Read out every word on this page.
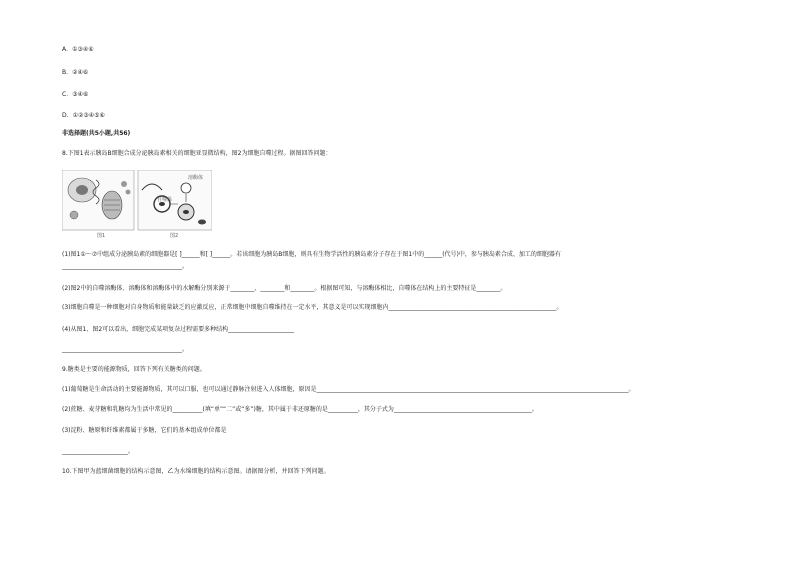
A．①③④⑥
B．②④⑥
C．③④⑥
D．①②③④⑤⑥
非选择题(共5小题,共56)
8.下图1表示胰岛B细胞合成分泌胰岛素相关的细胞亚显微结构，图2为细胞自噬过程。据图回答问题：
图1	图2
溶酶体
自噬体
(1)图1①～⑦中组成分泌胰岛素的细胞器是[ ]______和[ ]______。若该细胞为胰岛B细胞，则具有生物学活性的胰岛素分子存在于图1中的______(代号)中，参与胰岛素合成、加工的细胞器有
________________________________________。
(2)图2中的自噬溶酶体、溶酶体和溶酶体中的水解酶分别来源于________、________和________。根据图可知，与溶酶体相比，自噬体在结构上的主要特征是________。
(3)细胞自噬是一种细胞对自身物质和能量缺乏的应激反应，正常细胞中细胞自噬维持在一定水平，其意义是可以实现细胞内________________________________________________________。
(4)从图1、图2可以看出，细胞完成某项复杂过程需要多种结构______________________
________________________________________。
9.糖类是主要的能源物质，回答下列有关糖类的问题。
(1)葡萄糖是生命活动的主要能源物质，其可以口服，也可以通过静脉注射进入人体细胞，原因是________________________________________________________________________________________________________。
(2)蔗糖、麦芽糖和乳糖均为生活中常见的__________(填“单”“二”或“多”)糖，其中属于非还原糖的是__________，其分子式为______________________________________________。
(3)淀粉、糖原和纤维素都属于多糖，它们的基本组成单位都是
______________________。
10.下图甲为蓝细菌细胞的结构示意图，乙为水绵细胞的结构示意图。请据图分析，并回答下列问题。
